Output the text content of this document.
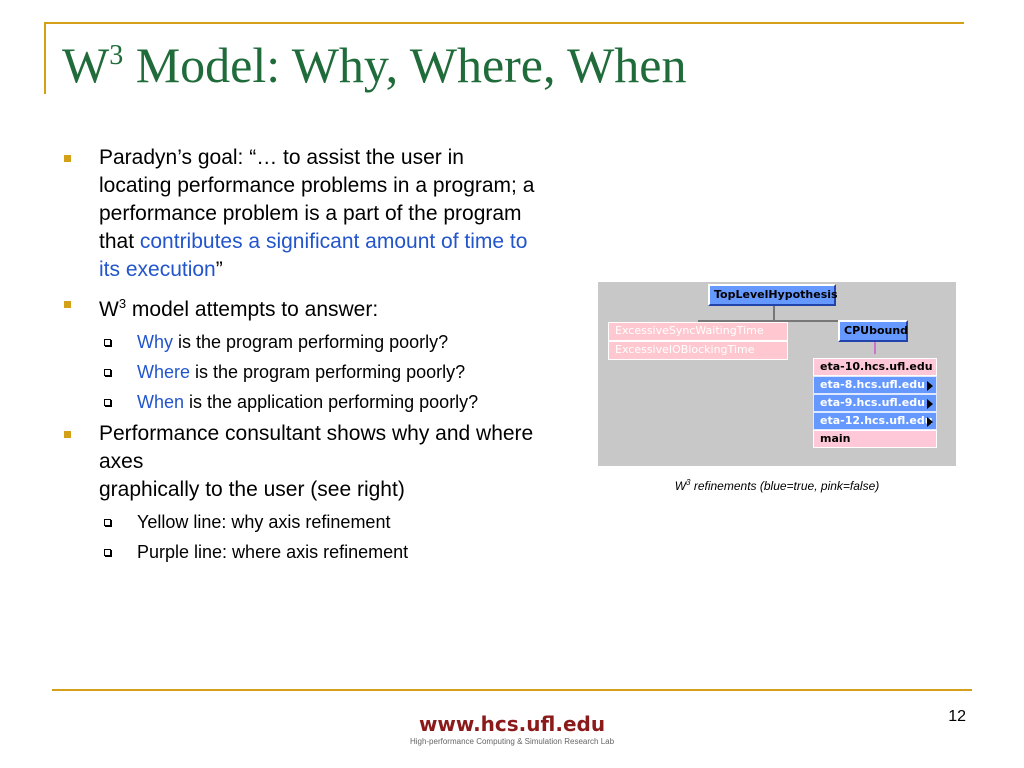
$W^3$ Model: Why, Where, When
Paradyn’s goal: “… to assist the user in locating performance problems in a program; a performance problem is a part of the program that contributes a significant amount of time to its execution”
$W^3$ model attempts to answer:
Why is the program performing poorly?
Where is the program performing poorly?
When is the application performing poorly?
Performance consultant shows why and where axes
graphically to the user (see right)
Yellow line: why axis refinement
Purple line: where axis refinement
TopLevelHypothesis
ExcessiveSyncWaitingTime
ExcessiveIOBlockingTime
CPUbound
eta-10.hcs.ufl.edu
eta-8.hcs.ufl.edu
eta-9.hcs.ufl.edu
eta-12.hcs.ufl.edu
main
$W^3$ refinements (blue=true, pink=false)
www.hcs.ufl.edu
High-performance Computing & Simulation Research Lab
12
